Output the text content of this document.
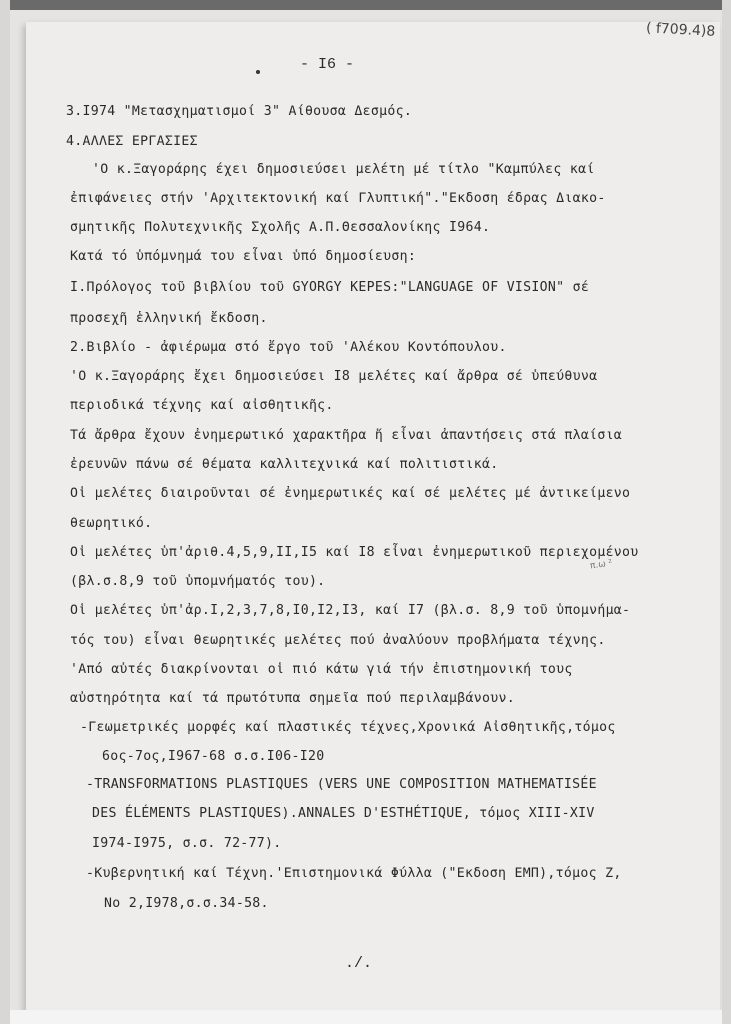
( f709.4)8
- I6 -
3.I974 "Μετασχηματισμοί 3" Αίθουσα Δεσμός.
4.ΑΛΛΕΣ ΕΡΓΑΣΙΕΣ
'Ο κ.Ξαγοράρης έχει δημοσιεύσει μελέτη μέ τίτλο "Καμπύλες καί
ἐπιφάνειες στήν 'Αρχιτεκτονική καί Γλυπτική"."Εκδοση έδρας Διακο-
σμητικῆς Πολυτεχνικῆς Σχολῆς Α.Π.Θεσσαλονίκης I964.
Κατά τό ὑπόμνημά του εἶναι ὑπό δημοσίευση:
I.Πρόλογος τοῦ βιβλίου τοῦ GYORGY KEPES:"LANGUAGE OF VISION" σέ
προσεχῆ ἑλληνική ἔκδοση.
2.Βιβλίο - ἀφιέρωμα στό ἔργο τοῦ 'Αλέκου Κοντόπουλου.
'Ο κ.Ξαγοράρης ἔχει δημοσιεύσει I8 μελέτες καί ἄρθρα σέ ὑπεύθυνα
περιοδικά τέχνης καί αἰσθητικῆς.
Τά ἄρθρα ἔχουν ἐνημερωτικό χαρακτῆρα ἤ εἶναι ἀπαντήσεις στά πλαίσια
ἐρευνῶν πάνω σέ θέματα καλλιτεχνικά καί πολιτιστικά.
Οἱ μελέτες διαιροῦνται σέ ἐνημερωτικές καί σέ μελέτες μέ ἀντικείμενο
θεωρητικό.
Οἱ μελέτες ὑπ'ἀριθ.4,5,9,II,I5 καί I8 εἶναι ἐνημερωτικοῦ περιεχομένου
(βλ.σ.8,9 τοῦ ὑπομνήματός του).
Οἱ μελέτες ὑπ'ἀρ.I,2,3,7,8,I0,I2,I3, καί I7 (βλ.σ. 8,9 τοῦ ὑπομνήμα-
τός του) εἶναι θεωρητικές μελέτες πού ἀναλύουν προβλήματα τέχνης.
'Από αὐτές διακρίνονται οἱ πιό κάτω γιά τήν ἐπιστημονική τους
αὐστηρότητα καί τά πρωτότυπα σημεῖα πού περιλαμβάνουν.
-Γεωμετρικές μορφές καί πλαστικές τέχνες,Χρονικά Αἰσθητικῆς,τόμος
6ος-7ος,I967-68 σ.σ.I06-I20
-TRANSFORMATIONS PLASTIQUES (VERS UNE COMPOSITION MATHEMATISÉE
DES ÉLÉMENTS PLASTIQUES).ANNALES D'ESTHÉTIQUE, τόμος XIII-XIV
I974-I975, σ.σ. 72-77).
-Κυβερνητική καί Τέχνη.'Επιστημονικά Φύλλα ("Εκδοση ΕΜΠ),τόμος Ζ,
Νο 2,I978,σ.σ.34-58.
π.ω ²
./.
